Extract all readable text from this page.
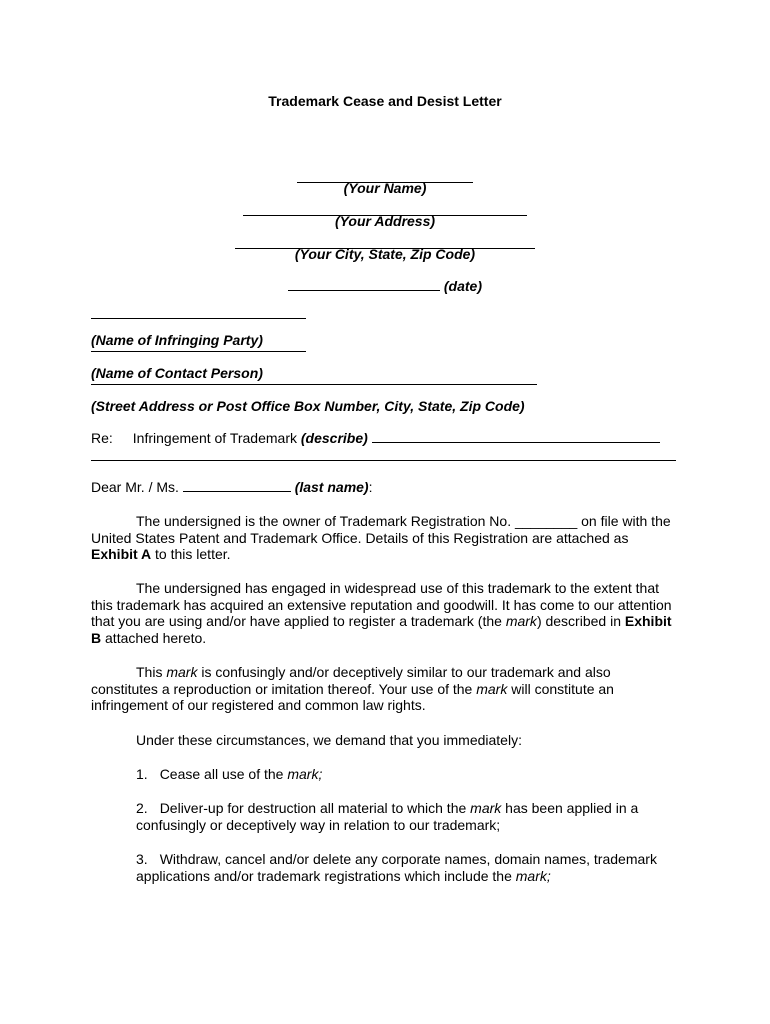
Trademark Cease and Desist Letter
(Your Name)
(Your Address)
(Your City, State, Zip Code)
(date)
(Name of Infringing Party)
(Name of Contact Person)
(Street Address or Post Office Box Number, City, State, Zip Code)
Re: Infringement of Trademark (describe)
Dear Mr. / Ms.	(last name):
The undersigned is the owner of Trademark Registration No. ________ on file with the United States Patent and Trademark Office. Details of this Registration are attached as Exhibit A to this letter.
The undersigned has engaged in widespread use of this trademark to the extent that this trademark has acquired an extensive reputation and goodwill. It has come to our attention that you are using and/or have applied to register a trademark (the mark) described in Exhibit B attached hereto.
This mark is confusingly and/or deceptively similar to our trademark and also constitutes a reproduction or imitation thereof. Your use of the mark will constitute an infringement of our registered and common law rights.
Under these circumstances, we demand that you immediately:
1. Cease all use of the mark;
2. Deliver-up for destruction all material to which the mark has been applied in a confusingly or deceptively way in relation to our trademark;
3. Withdraw, cancel and/or delete any corporate names, domain names, trademark applications and/or trademark registrations which include the mark;
